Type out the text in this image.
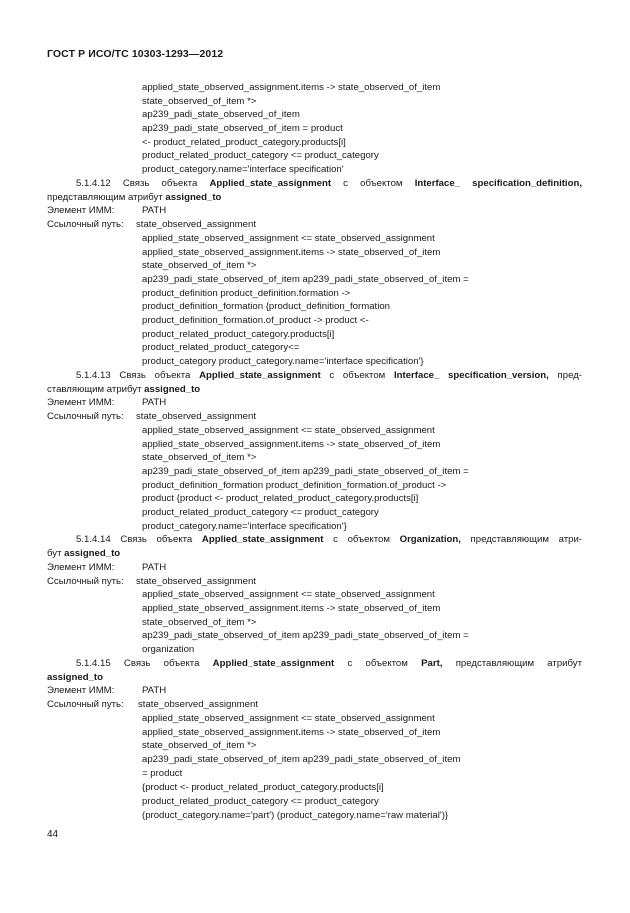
ГОСТ Р ИСО/ТС 10303-1293—2012
applied_state_observed_assignment.items -> state_observed_of_item
state_observed_of_item *>
ap239_padi_state_observed_of_item
ap239_padi_state_observed_of_item = product
<- product_related_product_category.products[i]
product_related_product_category <= product_category
product_category.name='interface specification'
5.1.4.12 Связь объекта Applied_state_assignment с объектом Interface_ specification_definition,
представляющим атрибут assigned_to
Элемент ИММ:	PATH
Ссылочный путь: state_observed_assignment
applied_state_observed_assignment <= state_observed_assignment
applied_state_observed_assignment.items -> state_observed_of_item
state_observed_of_item *>
ap239_padi_state_observed_of_item ap239_padi_state_observed_of_item =
product_definition product_definition.formation ->
product_definition_formation {product_definition_formation
product_definition_formation.of_product -> product <-
product_related_product_category.products[i]
product_related_product_category<=
product_category product_category.name='interface specification'}
5.1.4.13 Связь объекта Applied_state_assignment с объектом Interface_ specification_version, пред-
ставляющим атрибут assigned_to
Элемент ИММ:	PATH
Ссылочный путь: state_observed_assignment
applied_state_observed_assignment <= state_observed_assignment
applied_state_observed_assignment.items -> state_observed_of_item
state_observed_of_item *>
ap239_padi_state_observed_of_item ap239_padi_state_observed_of_item =
product_definition_formation product_definition_formation.of_product ->
product {product <- product_related_product_category.products[i]
product_related_product_category <= product_category
product_category.name='interface specification'}
5.1.4.14 Связь объекта Applied_state_assignment с объектом Organization, представляющим атри-
бут assigned_to
Элемент ИММ:	PATH
Ссылочный путь: state_observed_assignment
applied_state_observed_assignment <= state_observed_assignment
applied_state_observed_assignment.items -> state_observed_of_item
state_observed_of_item *>
ap239_padi_state_observed_of_item ap239_padi_state_observed_of_item =
organization
5.1.4.15 Связь объекта Applied_state_assignment с объектом Part, представляющим атрибут
assigned_to
Элемент ИММ:	PATH
Ссылочный путь: state_observed_assignment
applied_state_observed_assignment <= state_observed_assignment
applied_state_observed_assignment.items -> state_observed_of_item
state_observed_of_item *>
ap239_padi_state_observed_of_item ap239_padi_state_observed_of_item
= product
{product <- product_related_product_category.products[i]
product_related_product_category <= product_category
(product_category.name='part') (product_category.name='raw material')}
44
